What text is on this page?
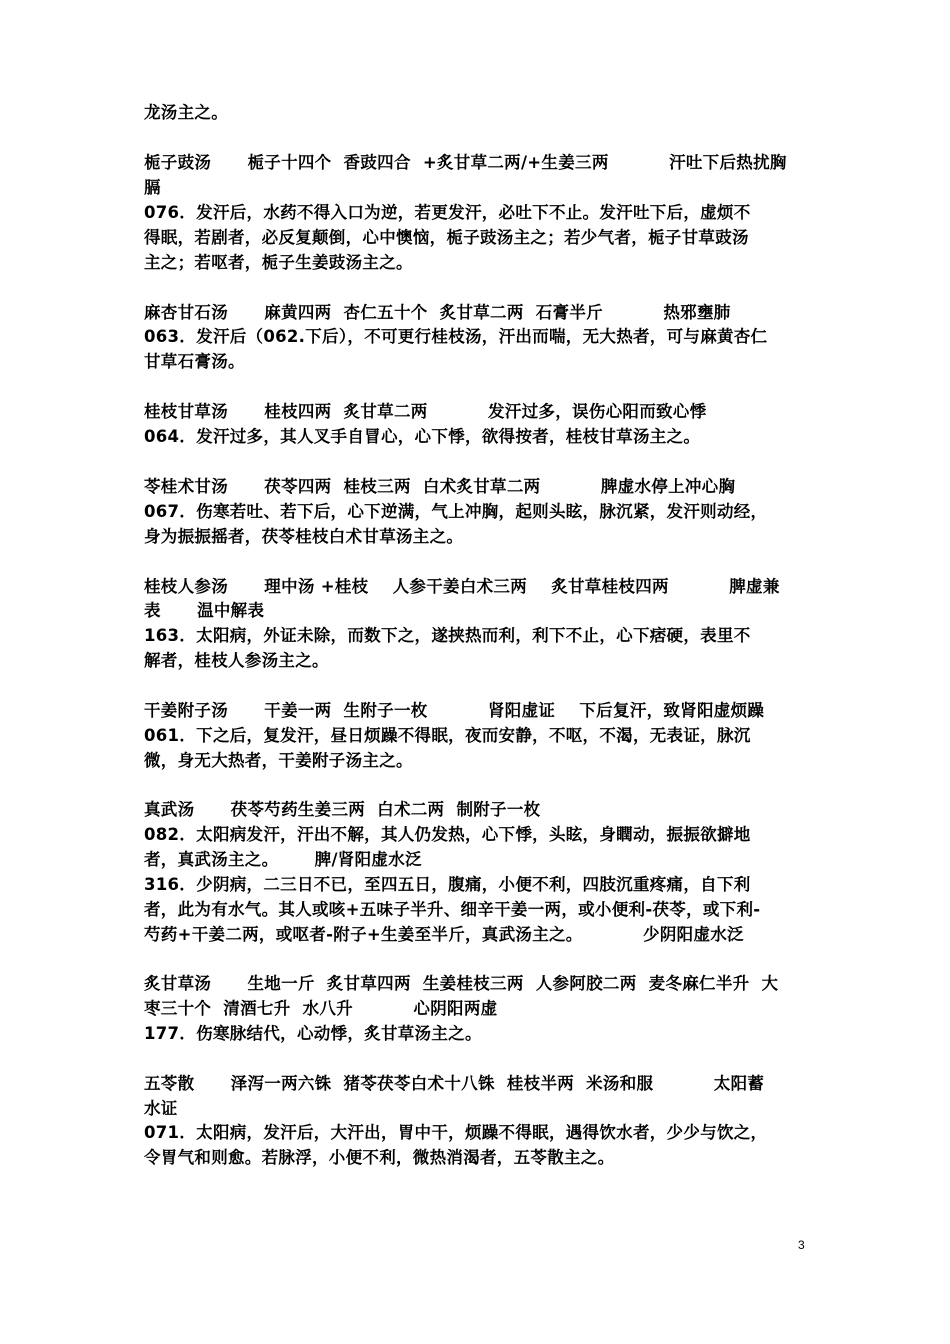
龙汤主之。
栀子豉汤      栀子十四个  香豉四合  +炙甘草二两/+生姜三两          汗吐下后热扰胸
膈
076．发汗后，水药不得入口为逆，若更发汗，必吐下不止。发汗吐下后，虚烦不
得眠，若剧者，必反复颠倒，心中懊恼，栀子豉汤主之；若少气者，栀子甘草豉汤
主之；若呕者，栀子生姜豉汤主之。
麻杏甘石汤      麻黄四两  杏仁五十个  炙甘草二两  石膏半斤          热邪壅肺
063．发汗后（062.下后），不可更行桂枝汤，汗出而喘，无大热者，可与麻黄杏仁
甘草石膏汤。
桂枝甘草汤      桂枝四两  炙甘草二两          发汗过多，误伤心阳而致心悸
064．发汗过多，其人叉手自冒心，心下悸，欲得按者，桂枝甘草汤主之。
苓桂术甘汤      茯苓四两  桂枝三两  白术炙甘草二两          脾虚水停上冲心胸
067．伤寒若吐、若下后，心下逆满，气上冲胸，起则头眩，脉沉紧，发汗则动经，
身为振振摇者，茯苓桂枝白术甘草汤主之。
桂枝人参汤      理中汤 +桂枝    人参干姜白术三两    炙甘草桂枝四两          脾虚兼
表      温中解表
163．太阳病，外证未除，而数下之，遂挟热而利，利下不止，心下痞硬，表里不
解者，桂枝人参汤主之。
干姜附子汤      干姜一两  生附子一枚          肾阳虚证    下后复汗，致肾阳虚烦躁
061．下之后，复发汗，昼日烦躁不得眠，夜而安静，不呕，不渴，无表证，脉沉
微，身无大热者，干姜附子汤主之。
真武汤      茯苓芍药生姜三两  白术二两  制附子一枚
082．太阳病发汗，汗出不解，其人仍发热，心下悸，头眩，身瞤动，振振欲擗地
者，真武汤主之。      脾/肾阳虚水泛
316．少阴病，二三日不已，至四五日，腹痛，小便不利，四肢沉重疼痛，自下利
者，此为有水气。其人或咳+五味子半升、细辛干姜一两，或小便利-茯苓，或下利-
芍药+干姜二两，或呕者-附子+生姜至半斤，真武汤主之。          少阴阳虚水泛
炙甘草汤      生地一斤  炙甘草四两  生姜桂枝三两  人参阿胶二两  麦冬麻仁半升  大
枣三十个  清酒七升  水八升          心阴阳两虚
177．伤寒脉结代，心动悸，炙甘草汤主之。
五苓散      泽泻一两六铢  猪苓茯苓白术十八铢  桂枝半两  米汤和服          太阳蓄
水证
071．太阳病，发汗后，大汗出，胃中干，烦躁不得眠，遇得饮水者，少少与饮之，
令胃气和则愈。若脉浮，小便不利，微热消渴者，五苓散主之。
3
